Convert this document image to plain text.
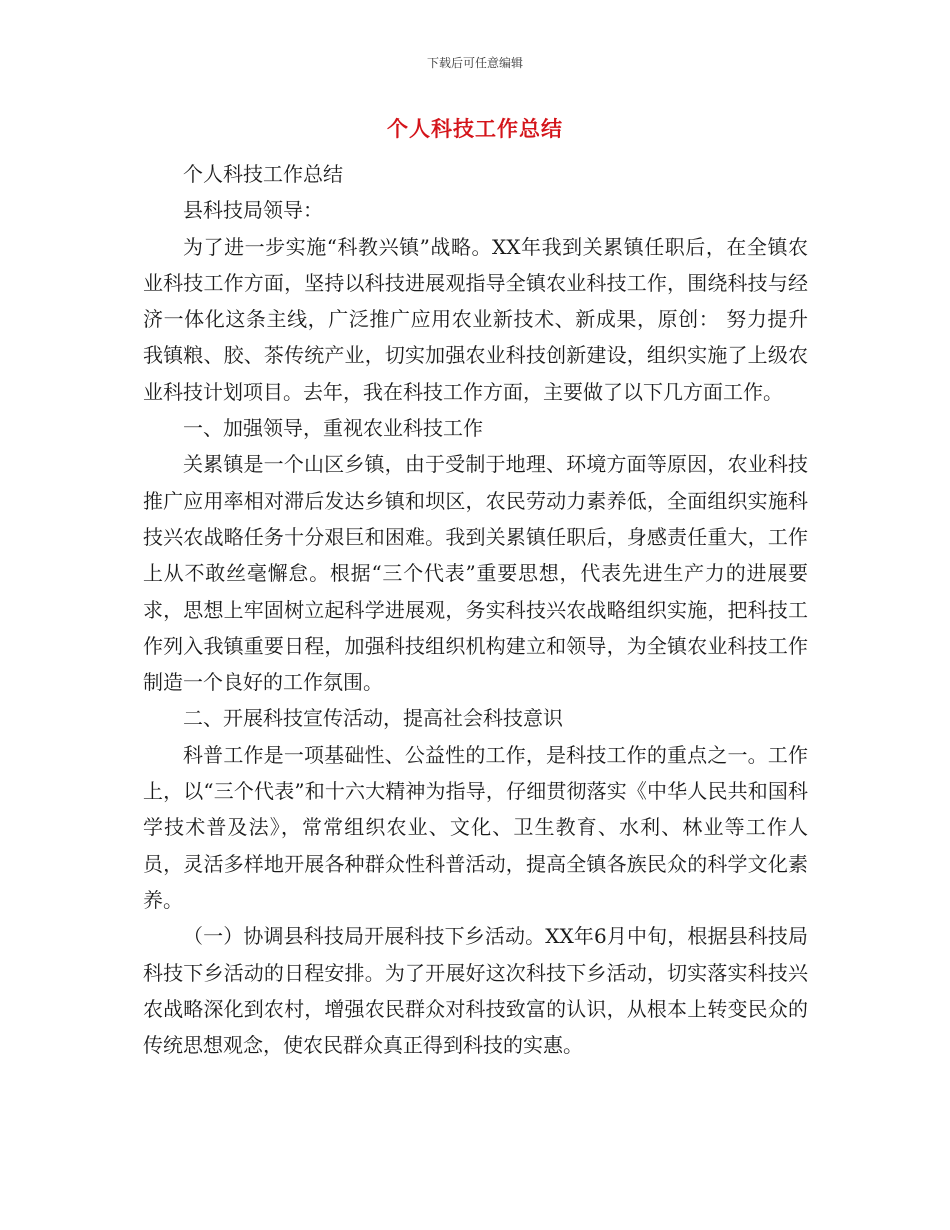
下载后可任意编辑
个人科技工作总结

个人科技工作总结

县科技局领导：

为了进一步实施“科教兴镇”战略。XX年我到关累镇任职后，在全镇农业科技工作方面，坚持以科技进展观指导全镇农业科技工作，围绕科技与经济一体化这条主线，广泛推广应用农业新技术、新成果，原创： 努力提升我镇粮、胶、茶传统产业，切实加强农业科技创新建设，组织实施了上级农业科技计划项目。去年，我在科技工作方面，主要做了以下几方面工作。

一、加强领导，重视农业科技工作

关累镇是一个山区乡镇，由于受制于地理、环境方面等原因，农业科技推广应用率相对滞后发达乡镇和坝区，农民劳动力素养低，全面组织实施科技兴农战略任务十分艰巨和困难。我到关累镇任职后，身感责任重大，工作上从不敢丝毫懈怠。根据“三个代表”重要思想，代表先进生产力的进展要求，思想上牢固树立起科学进展观，务实科技兴农战略组织实施，把科技工作列入我镇重要日程，加强科技组织机构建立和领导，为全镇农业科技工作制造一个良好的工作氛围。

二、开展科技宣传活动，提高社会科技意识

科普工作是一项基础性、公益性的工作，是科技工作的重点之一。工作上，以“三个代表”和十六大精神为指导，仔细贯彻落实《中华人民共和国科学技术普及法》，常常组织农业、文化、卫生教育、水利、林业等工作人员，灵活多样地开展各种群众性科普活动，提高全镇各族民众的科学文化素养。

（一）协调县科技局开展科技下乡活动。XX年6月中旬，根据县科技局科技下乡活动的日程安排。为了开展好这次科技下乡活动，切实落实科技兴农战略深化到农村，增强农民群众对科技致富的认识，从根本上转变民众的传统思想观念，使农民群众真正得到科技的实惠。
